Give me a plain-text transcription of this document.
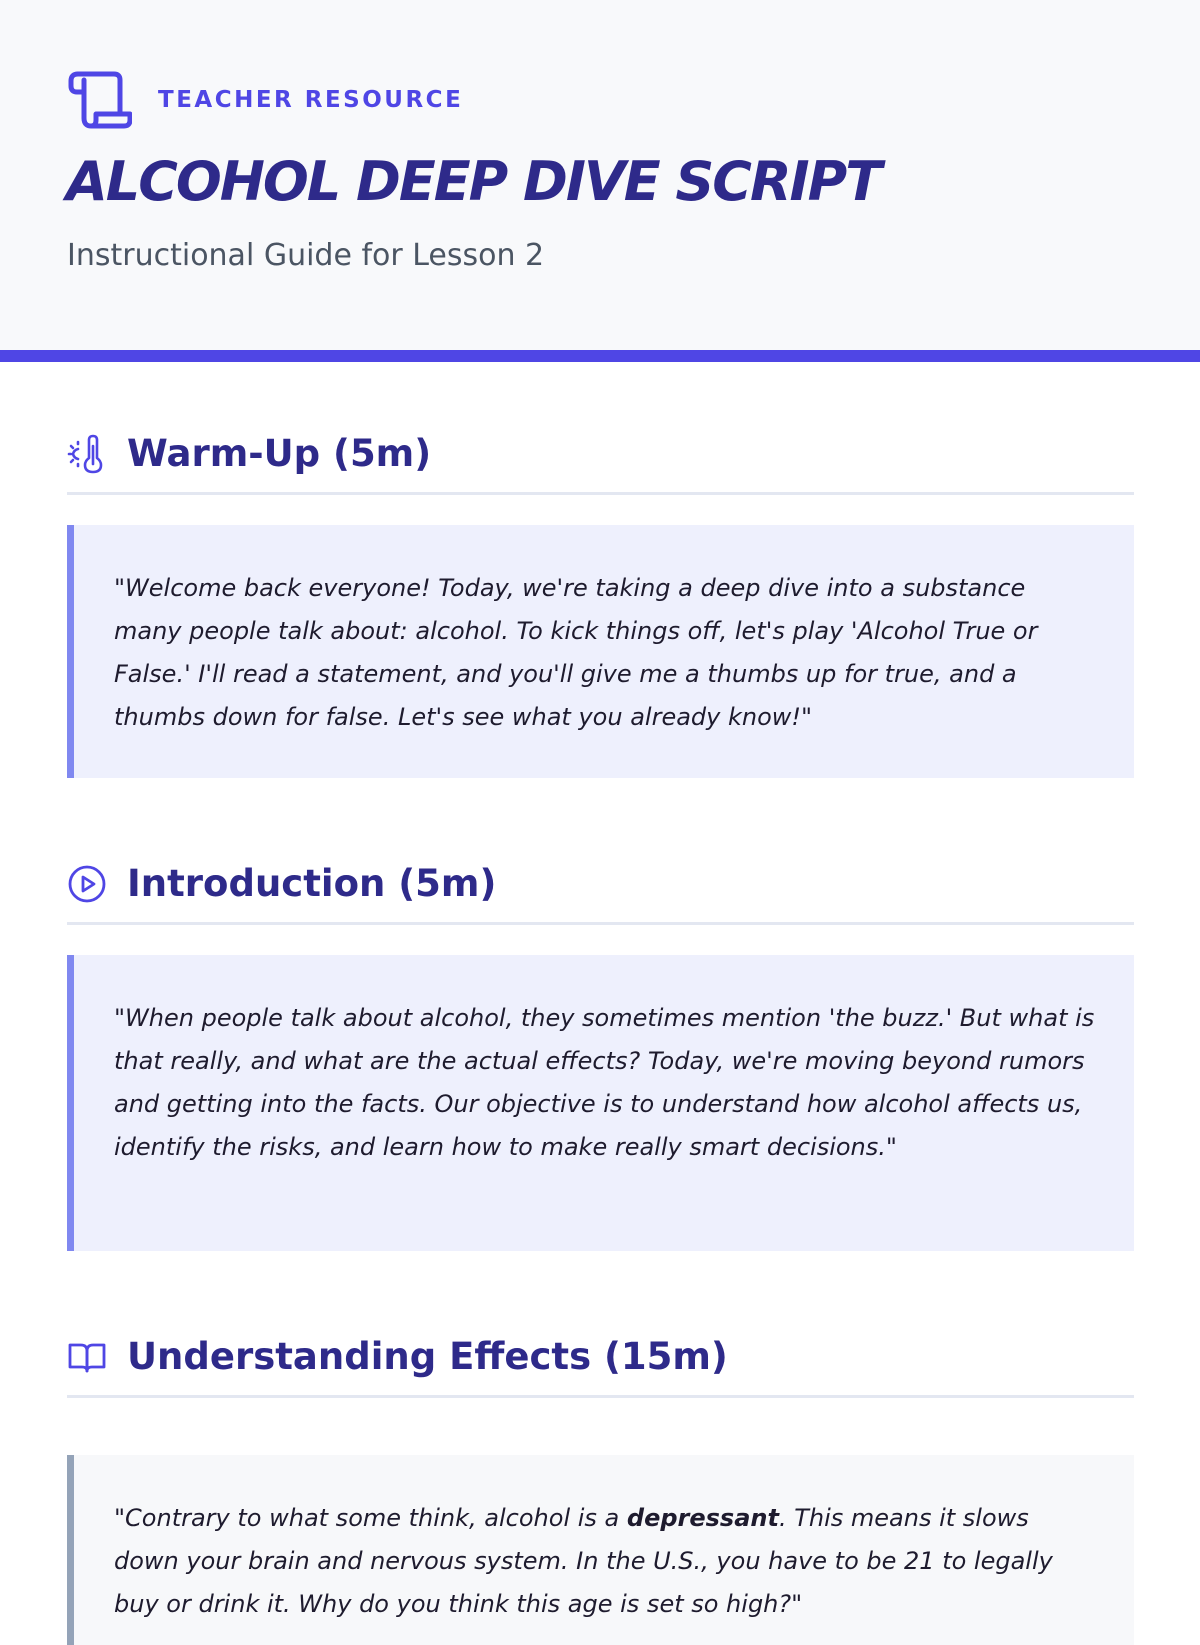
TEACHER RESOURCE
ALCOHOL DEEP DIVE SCRIPT
Instructional Guide for Lesson 2
Warm-Up (5m)

"Welcome back everyone! Today, we're taking a deep dive into a substance many people talk about: alcohol. To kick things off, let's play 'Alcohol True or False.' I'll read a statement, and you'll give me a thumbs up for true, and a thumbs down for false. Let's see what you already know!"

Introduction (5m)

"When people talk about alcohol, they sometimes mention 'the buzz.' But what is that really, and what are the actual effects? Today, we're moving beyond rumors and getting into the facts. Our objective is to understand how alcohol affects us, identify the risks, and learn how to make really smart decisions."

Understanding Effects (15m)

"Contrary to what some think, alcohol is a depressant. This means it slows down your brain and nervous system. In the U.S., you have to be 21 to legally buy or drink it. Why do you think this age is set so high?"
